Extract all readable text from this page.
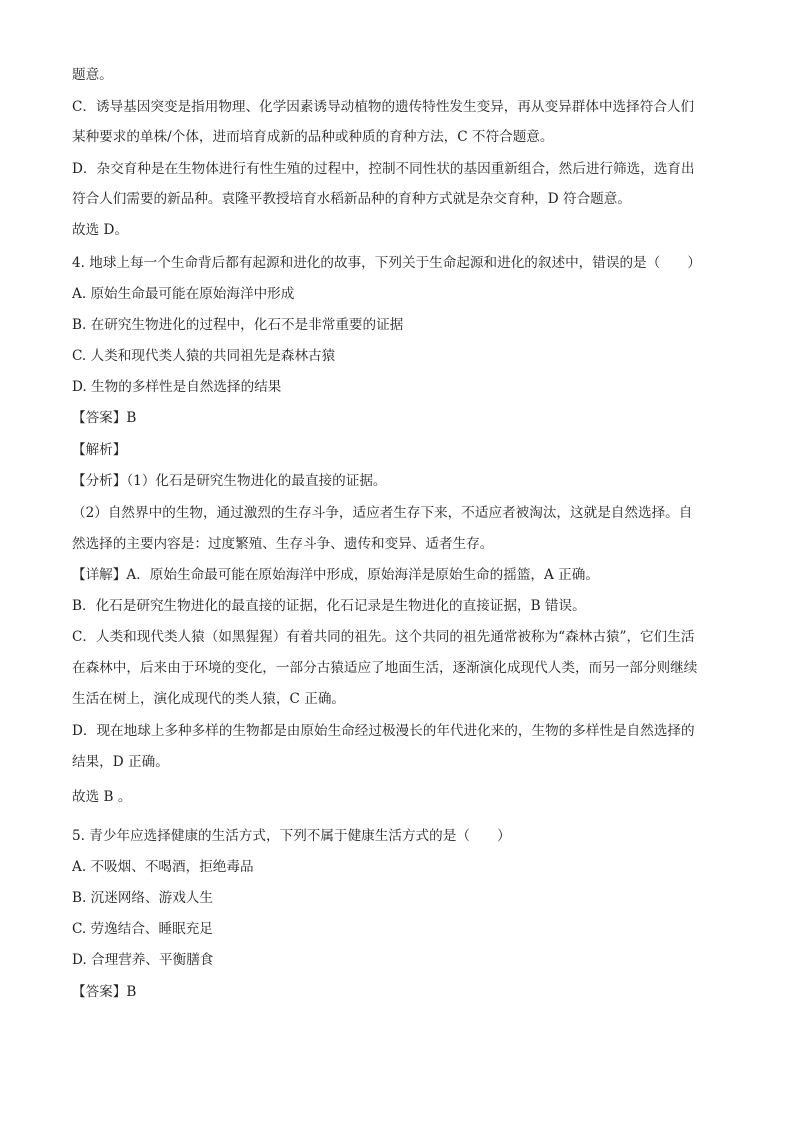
题意。
C．诱导基因突变是指用物理、化学因素诱导动植物的遗传特性发生变异，再从变异群体中选择符合人们
某种要求的单株/个体，进而培育成新的品种或种质的育种方法，C 不符合题意。
D．杂交育种是在生物体进行有性生殖的过程中，控制不同性状的基因重新组合，然后进行筛选，选育出
符合人们需要的新品种。袁隆平教授培育水稻新品种的育种方式就是杂交育种，D 符合题意。
故选 D。
4. 地球上每一个生命背后都有起源和进化的故事，下列关于生命起源和进化的叙述中，错误的是（　　）
A. 原始生命最可能在原始海洋中形成
B. 在研究生物进化的过程中，化石不是非常重要的证据
C. 人类和现代类人猿的共同祖先是森林古猿
D. 生物的多样性是自然选择的结果
【答案】B
【解析】
【分析】（1）化石是研究生物进化的最直接的证据。
（2）自然界中的生物，通过激烈的生存斗争，适应者生存下来，不适应者被淘汰，这就是自然选择。自
然选择的主要内容是：过度繁殖、生存斗争、遗传和变异、适者生存。
【详解】A．原始生命最可能在原始海洋中形成，原始海洋是原始生命的摇篮，A 正确。
B．化石是研究生物进化的最直接的证据，化石记录是生物进化的直接证据，B 错误。
C．人类和现代类人猿（如黑猩猩）有着共同的祖先。这个共同的祖先通常被称为“森林古猿”，它们生活
在森林中，后来由于环境的变化，一部分古猿适应了地面生活，逐渐演化成现代人类，而另一部分则继续
生活在树上，演化成现代的类人猿，C 正确。
D．现在地球上多种多样的生物都是由原始生命经过极漫长的年代进化来的，生物的多样性是自然选择的
结果，D 正确。
故选 B 。
5. 青少年应选择健康的生活方式，下列不属于健康生活方式的是（　　）
A. 不吸烟、不喝酒，拒绝毒品
B. 沉迷网络、游戏人生
C. 劳逸结合、睡眠充足
D. 合理营养、平衡膳食
【答案】B
